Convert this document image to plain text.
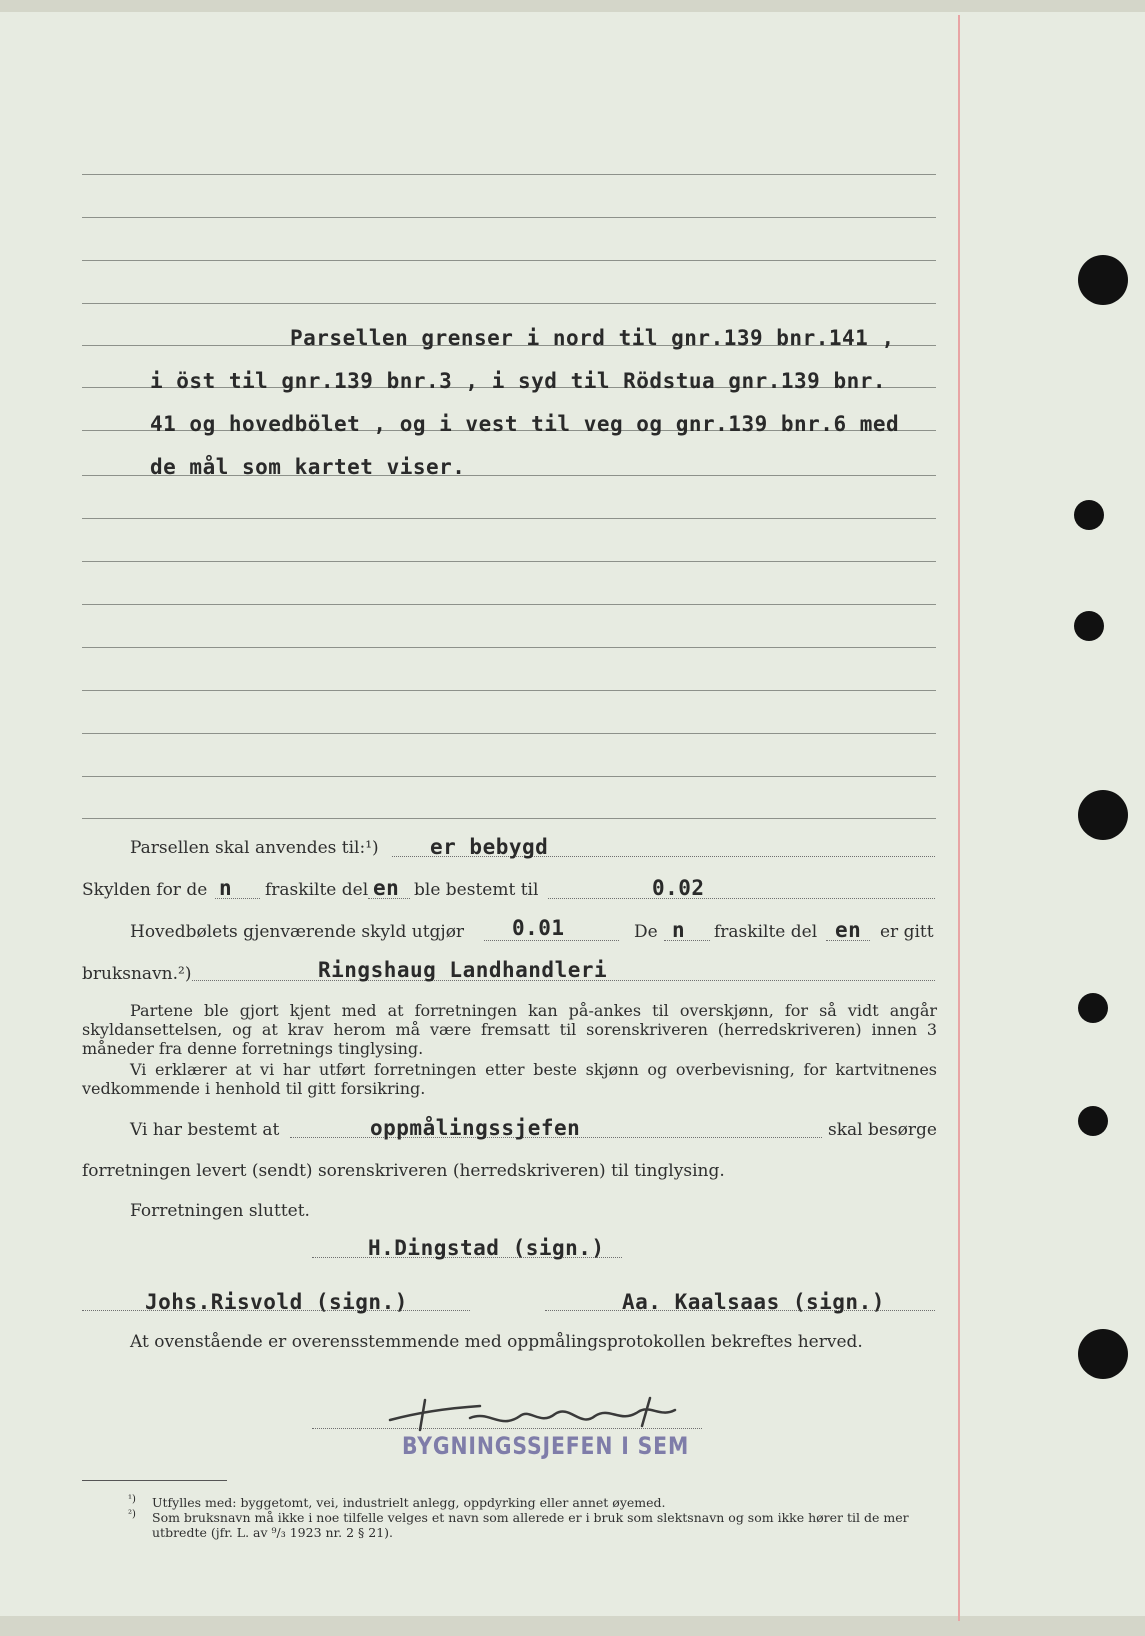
Parsellen grenser i nord til gnr.139 bnr.141 ,
i öst til gnr.139 bnr.3 , i syd til Rödstua gnr.139 bnr.
41 og hovedbölet , og i vest til veg og gnr.139 bnr.6 med
de mål som kartet viser.
Parsellen skal anvendes til:¹) er bebygd
Skylden for de n fraskilte del en ble bestemt til	0.02
Hovedbølets gjenværende skyld utgjør 0.01	De n fraskilte del en er gitt
bruksnavn.²)	Ringshaug Landhandleri
Partene ble gjort kjent med at forretningen kan på-ankes til overskjønn, for så vidt angår skyldansettelsen, og at krav herom må være fremsatt til sorenskriveren (herredskriveren) innen 3 måneder fra denne forretnings tinglysing.
Vi erklærer at vi har utført forretningen etter beste skjønn og overbevisning, for kartvitnenes vedkommende i henhold til gitt forsikring.
Vi har bestemt at	oppmålingssjefen	skal besørge
forretningen levert (sendt) sorenskriveren (herredskriveren) til tinglysing.
Forretningen sluttet.
H.Dingstad (sign.)
Johs.Risvold (sign.)	Aa. Kaalsaas (sign.)
At ovenstående er overensstemmende med oppmålingsprotokollen bekreftes herved.
BYGNINGSSJEFEN I SEM
¹) Utfylles med: byggetomt, vei, industrielt anlegg, oppdyrking eller annet øyemed.
²) Som bruksnavn må ikke i noe tilfelle velges et navn som allerede er i bruk som slektsnavn og som ikke hører til de mer utbredte (jfr. L. av ⁹/₃ 1923 nr. 2 § 21).
